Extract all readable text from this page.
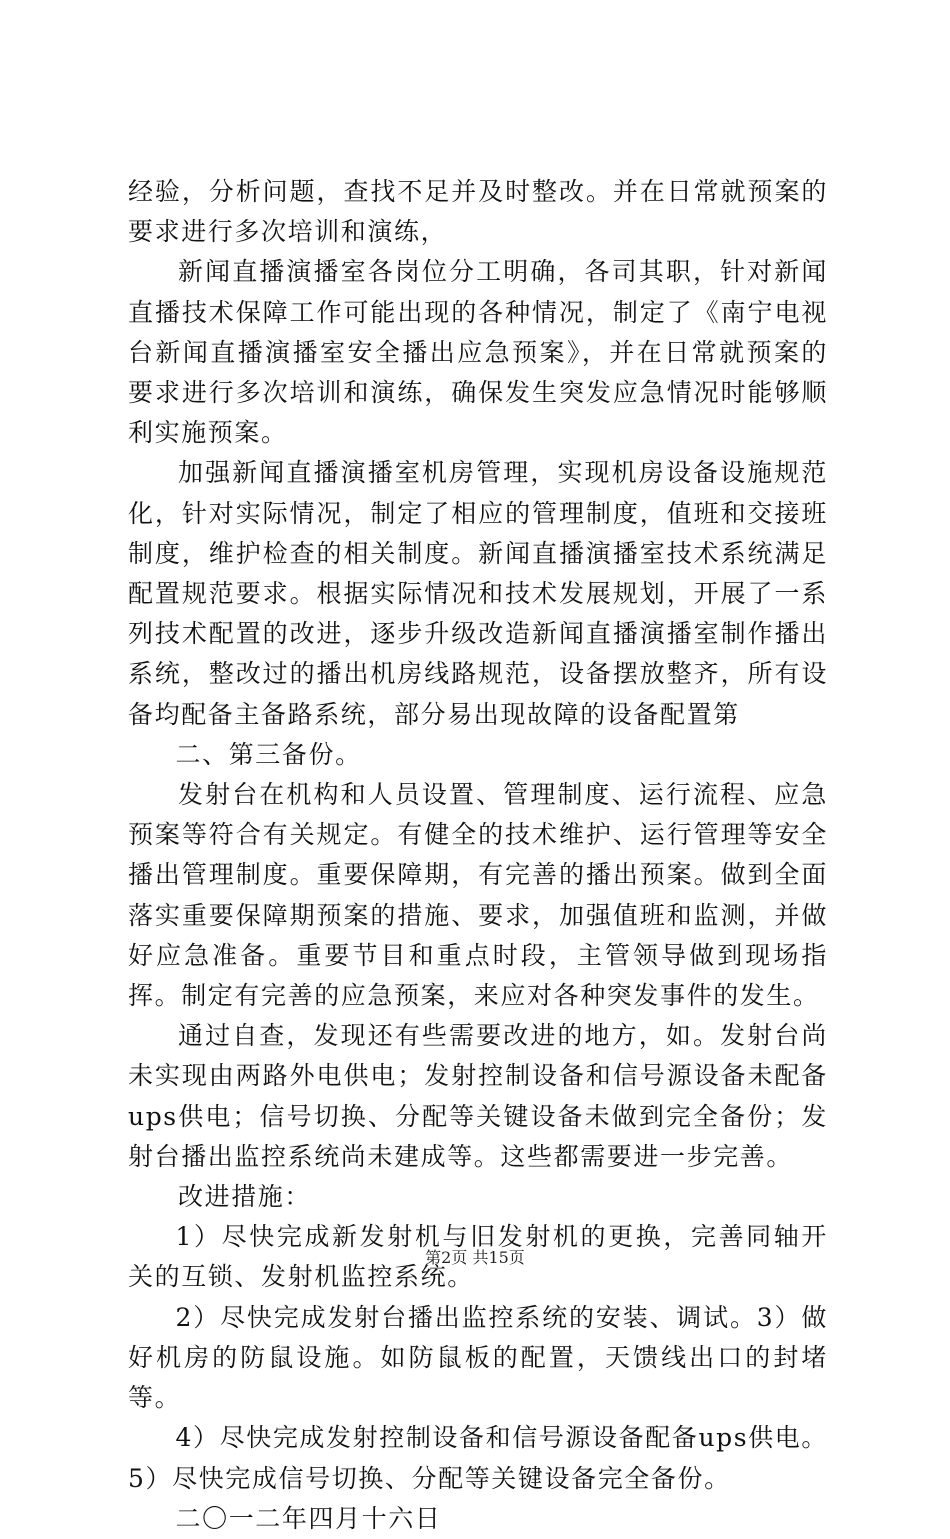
经验，分析问题，查找不足并及时整改。并在日常就预案的要求进行多次培训和演练，

新闻直播演播室各岗位分工明确，各司其职，针对新闻直播技术保障工作可能出现的各种情况，制定了《南宁电视台新闻直播演播室安全播出应急预案》，并在日常就预案的要求进行多次培训和演练，确保发生突发应急情况时能够顺利实施预案。

加强新闻直播演播室机房管理，实现机房设备设施规范化，针对实际情况，制定了相应的管理制度，值班和交接班制度，维护检查的相关制度。新闻直播演播室技术系统满足配置规范要求。根据实际情况和技术发展规划，开展了一系列技术配置的改进，逐步升级改造新闻直播演播室制作播出系统，整改过的播出机房线路规范，设备摆放整齐，所有设备均配备主备路系统，部分易出现故障的设备配置第

二、第三备份。

发射台在机构和人员设置、管理制度、运行流程、应急预案等符合有关规定。有健全的技术维护、运行管理等安全播出管理制度。重要保障期，有完善的播出预案。做到全面落实重要保障期预案的措施、要求，加强值班和监测，并做好应急准备。重要节目和重点时段，主管领导做到现场指挥。制定有完善的应急预案，来应对各种突发事件的发生。

通过自查，发现还有些需要改进的地方，如。发射台尚未实现由两路外电供电；发射控制设备和信号源设备未配备ups供电；信号切换、分配等关键设备未做到完全备份；发射台播出监控系统尚未建成等。这些都需要进一步完善。

改进措施：

1）尽快完成新发射机与旧发射机的更换，完善同轴开关的互锁、发射机监控系统。

2）尽快完成发射台播出监控系统的安装、调试。3）做好机房的防鼠设施。如防鼠板的配置，天馈线出口的封堵等。

4）尽快完成发射控制设备和信号源设备配备ups供电。5）尽快完成信号切换、分配等关键设备完全备份。

二〇一二年四月十六日

第2页 共15页
